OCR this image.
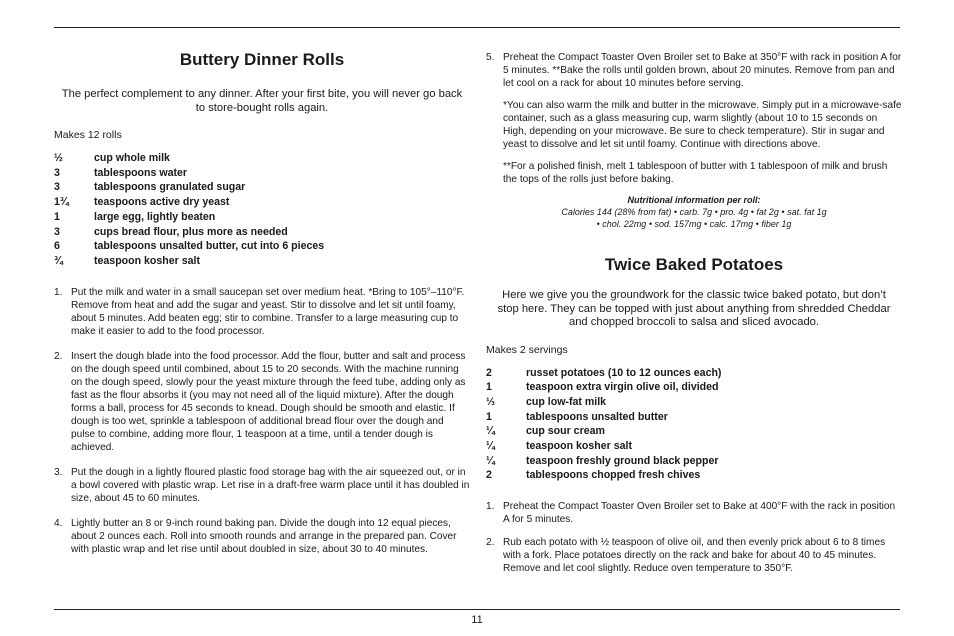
Buttery Dinner Rolls

The perfect complement to any dinner. After your first bite, you will never go back to store-bought rolls again.

Makes 12 rolls

½	cup whole milk
3	tablespoons water
3	tablespoons granulated sugar
1¾	teaspoons active dry yeast
1	large egg, lightly beaten
3	cups bread flour, plus more as needed
6	tablespoons unsalted butter, cut into 6 pieces
¾	teaspoon kosher salt
1. Put the milk and water in a small saucepan set over medium heat. *Bring to 105°–110°F. Remove from heat and add the sugar and yeast. Stir to dissolve and let sit until foamy, about 5 minutes. Add beaten egg; stir to combine. Transfer to a large measuring cup to make it easier to add to the food processor.
2. Insert the dough blade into the food processor. Add the flour, butter and salt and process on the dough speed until combined, about 15 to 20 seconds. With the machine running on the dough speed, slowly pour the yeast mixture through the feed tube, adding only as fast as the flour absorbs it (you may not need all of the liquid mixture). After the dough forms a ball, process for 45 seconds to knead. Dough should be smooth and elastic. If dough is too wet, sprinkle a tablespoon of additional bread flour over the dough and pulse to combine, adding more flour, 1 teaspoon at a time, until a tender dough is achieved.
3. Put the dough in a lightly floured plastic food storage bag with the air squeezed out, or in a bowl covered with plastic wrap. Let rise in a draft-free warm place until it has doubled in size, about 45 to 60 minutes.
4. Lightly butter an 8 or 9-inch round baking pan. Divide the dough into 12 equal pieces, about 2 ounces each. Roll into smooth rounds and arrange in the prepared pan. Cover with plastic wrap and let rise until about doubled in size, about 30 to 40 minutes.
5. Preheat the Compact Toaster Oven Broiler set to Bake at 350°F with rack in position A for 5 minutes. **Bake the rolls until golden brown, about 20 minutes. Remove from pan and let cool on a rack for about 10 minutes before serving.

*You can also warm the milk and butter in the microwave. Simply put in a microwave-safe container, such as a glass measuring cup, warm slightly (about 10 to 15 seconds on High, depending on your microwave. Be sure to check temperature). Stir in sugar and yeast to dissolve and let sit until foamy. Continue with directions above.

**For a polished finish, melt 1 tablespoon of butter with 1 tablespoon of milk and brush the tops of the rolls just before baking.

Nutritional information per roll:

Calories 144 (28% from fat) • carb. 7g • pro. 4g • fat 2g • sat. fat 1g

• chol. 22mg • sod. 157mg • calc. 17mg • fiber 1g

Twice Baked Potatoes

Here we give you the groundwork for the classic twice baked potato, but don’t stop here. They can be topped with just about anything from shredded Cheddar and chopped broccoli to salsa and sliced avocado.

Makes 2 servings

2	russet potatoes (10 to 12 ounces each)
1	teaspoon extra virgin olive oil, divided
⅓	cup low-fat milk
1	tablespoons unsalted butter
¼	cup sour cream
¼	teaspoon kosher salt
¼	teaspoon freshly ground black pepper
2	tablespoons chopped fresh chives
1. Preheat the Compact Toaster Oven Broiler set to Bake at 400°F with the rack in position A for 5 minutes.
2. Rub each potato with ½ teaspoon of olive oil, and then evenly prick about 6 to 8 times with a fork. Place potatoes directly on the rack and bake for about 40 to 45 minutes. Remove and let cool slightly. Reduce oven temperature to 350°F.
11
